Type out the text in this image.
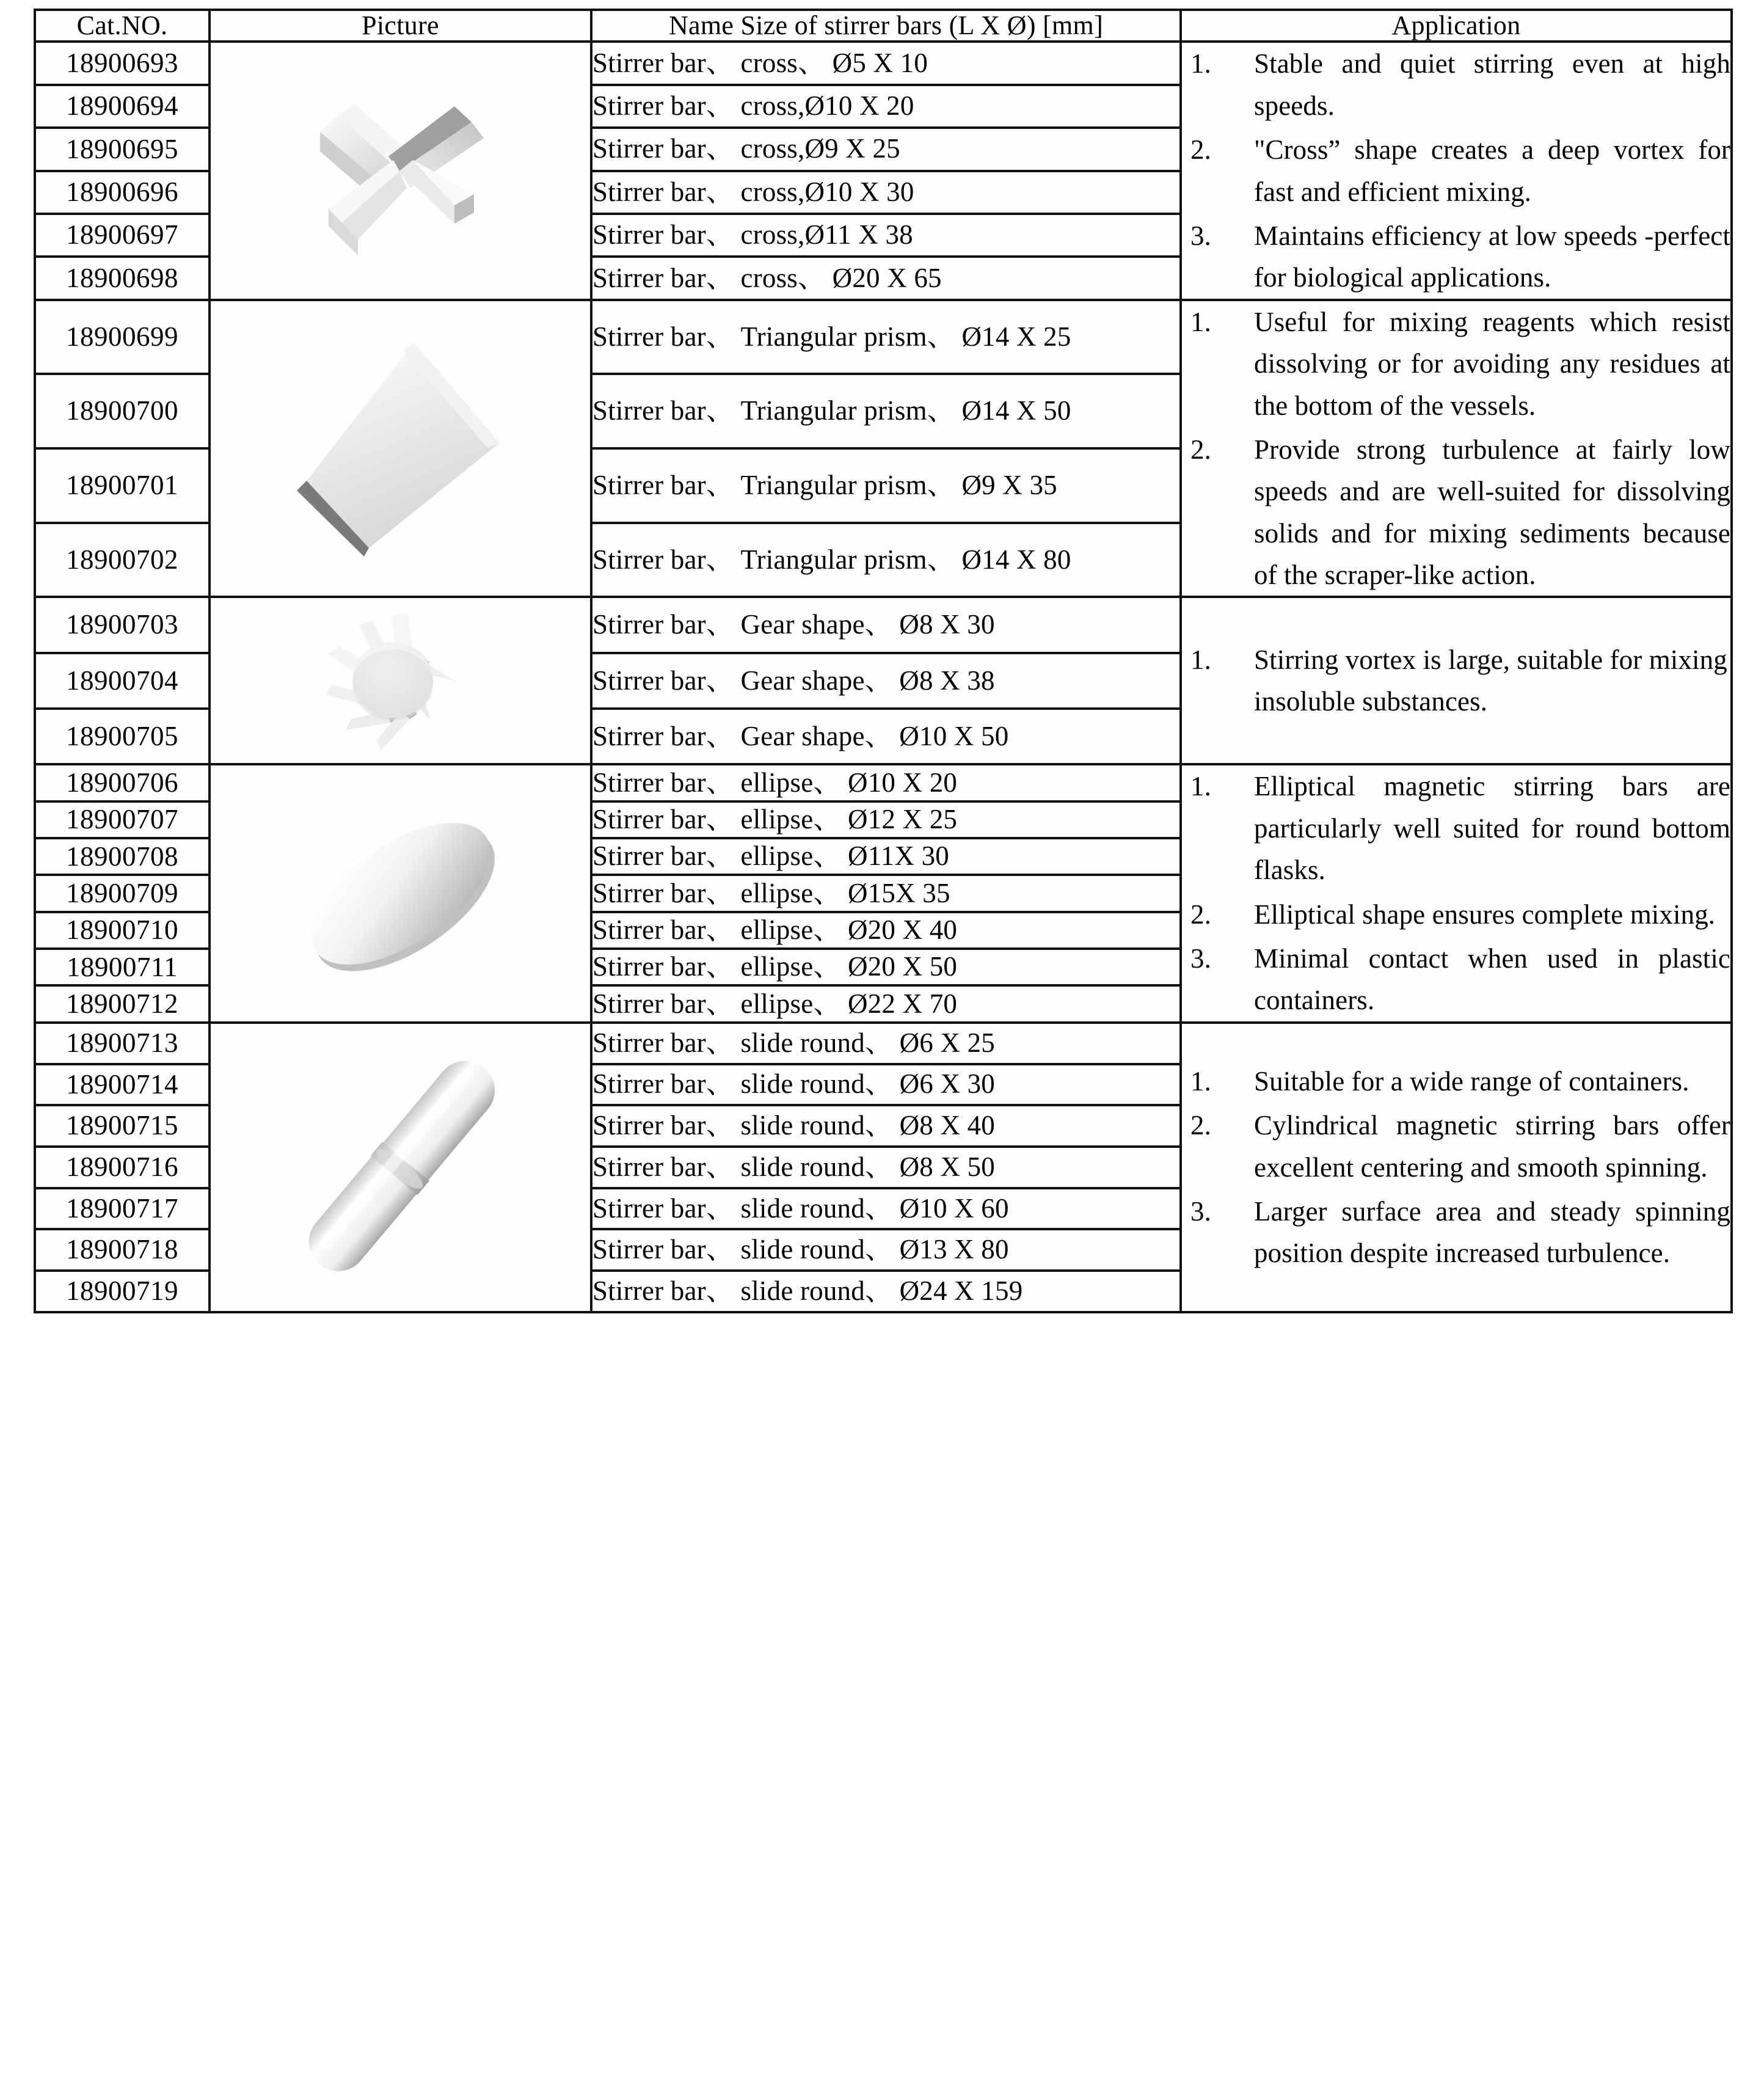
Cat.NO.	Picture	Name Size of stirrer bars (L X Ø) [mm]	Application
18900693		Stirrer bar、 cross、 Ø5 X 10	Stable and quiet stirring even at high speeds.
"Cross” shape creates a deep vortex for fast and efficient mixing.
Maintains efficiency at low speeds -perfect for biological applications.

18900694		Stirrer bar、 cross,Ø10 X 20	
18900695		Stirrer bar、 cross,Ø9 X 25	
18900696		Stirrer bar、 cross,Ø10 X 30	
18900697		Stirrer bar、 cross,Ø11 X 38	
18900698		Stirrer bar、 cross、 Ø20 X 65	
18900699		Stirrer bar、 Triangular prism、 Ø14 X 25	Useful for mixing reagents which resist dissolving or for avoiding any residues at the bottom of the vessels.
Provide strong turbulence at fairly low speeds and are well-suited for dissolving solids and for mixing sediments because of the scraper-like action.

18900700		Stirrer bar、 Triangular prism、 Ø14 X 50	
18900701		Stirrer bar、 Triangular prism、 Ø9 X 35	
18900702		Stirrer bar、 Triangular prism、 Ø14 X 80	
18900703		Stirrer bar、 Gear shape、 Ø8 X 30	
Stirring vortex is large, suitable for mixing insoluble substances.

18900704		Stirrer bar、 Gear shape、 Ø8 X 38	
18900705		Stirrer bar、 Gear shape、 Ø10 X 50	
18900706		Stirrer bar、 ellipse、 Ø10 X 20	Elliptical magnetic stirring bars are particularly well suited for round bottom flasks.
Elliptical shape ensures complete mixing.
Minimal contact when used in plastic containers.

18900707		Stirrer bar、 ellipse、 Ø12 X 25	
18900708		Stirrer bar、 ellipse、 Ø11X 30	
18900709		Stirrer bar、 ellipse、 Ø15X 35	
18900710		Stirrer bar、 ellipse、 Ø20 X 40	
18900711		Stirrer bar、 ellipse、 Ø20 X 50	
18900712		Stirrer bar、 ellipse、 Ø22 X 70	
18900713		Stirrer bar、 slide round、 Ø6 X 25	
Suitable for a wide range of containers.
Cylindrical magnetic stirring bars offer excellent centering and smooth spinning.
Larger surface area and steady spinning position despite increased turbulence.

18900714		Stirrer bar、 slide round、 Ø6 X 30	
18900715		Stirrer bar、 slide round、 Ø8 X 40	
18900716		Stirrer bar、 slide round、 Ø8 X 50	
18900717		Stirrer bar、 slide round、 Ø10 X 60	
18900718		Stirrer bar、 slide round、 Ø13 X 80	
18900719		Stirrer bar、 slide round、 Ø24 X 159	
